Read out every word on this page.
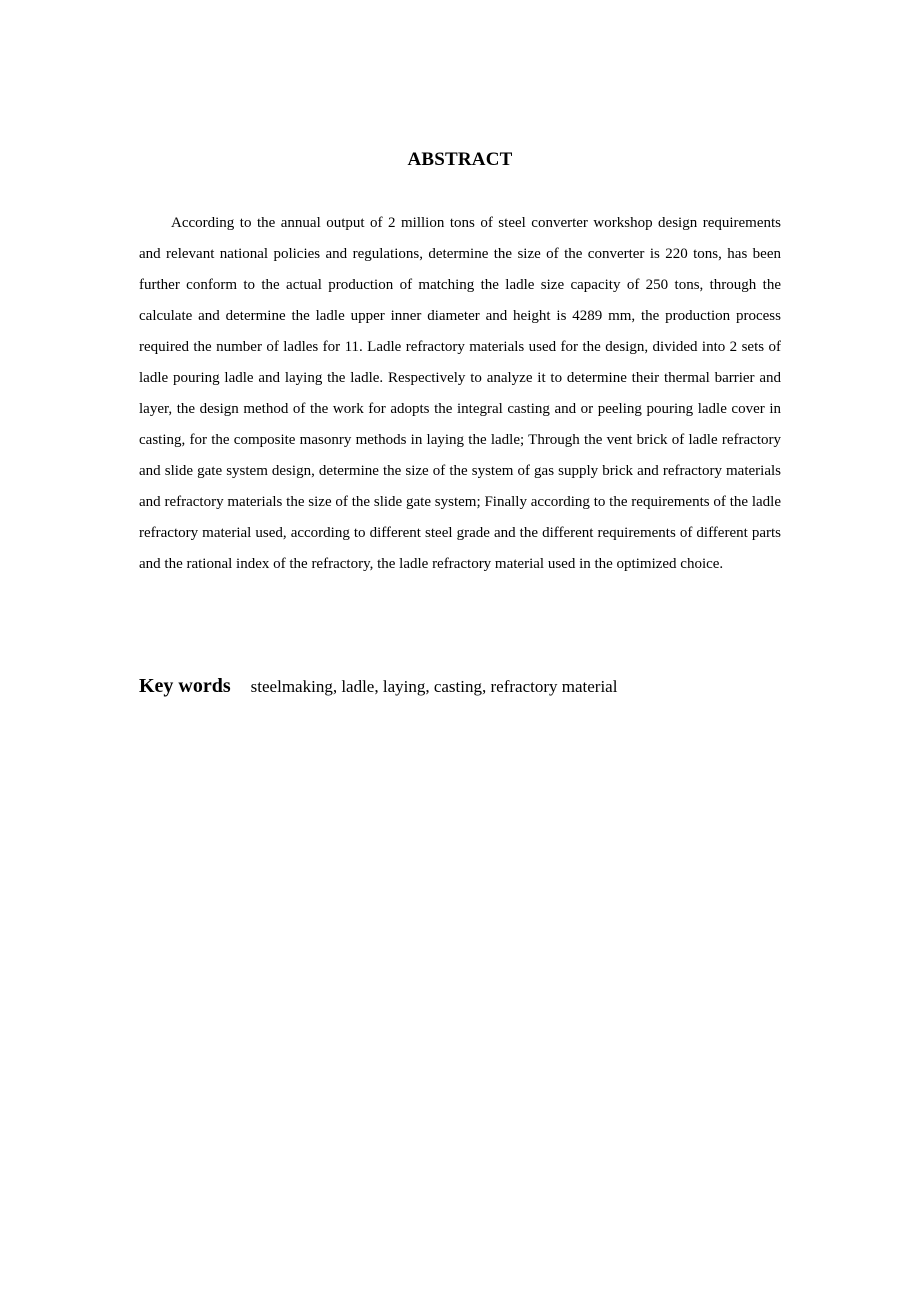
ABSTRACT

According to the annual output of 2 million tons of steel converter workshop design requirements and relevant national policies and regulations, determine the size of the converter is 220 tons, has been further conform to the actual production of matching the ladle size capacity of 250 tons, through the calculate and determine the ladle upper inner diameter and height is 4289 mm, the production process required the number of ladles for 11. Ladle refractory materials used for the design, divided into 2 sets of ladle pouring ladle and laying the ladle. Respectively to analyze it to determine their thermal barrier and layer, the design method of the work for adopts the integral casting and or peeling pouring ladle cover in casting, for the composite masonry methods in laying the ladle; Through the vent brick of ladle refractory and slide gate system design, determine the size of the system of gas supply brick and refractory materials and refractory materials the size of the slide gate system; Finally according to the requirements of the ladle refractory material used, according to different steel grade and the different requirements of different parts and the rational index of the refractory, the ladle refractory material used in the optimized choice.

Key words steelmaking, ladle, laying, casting, refractory material
